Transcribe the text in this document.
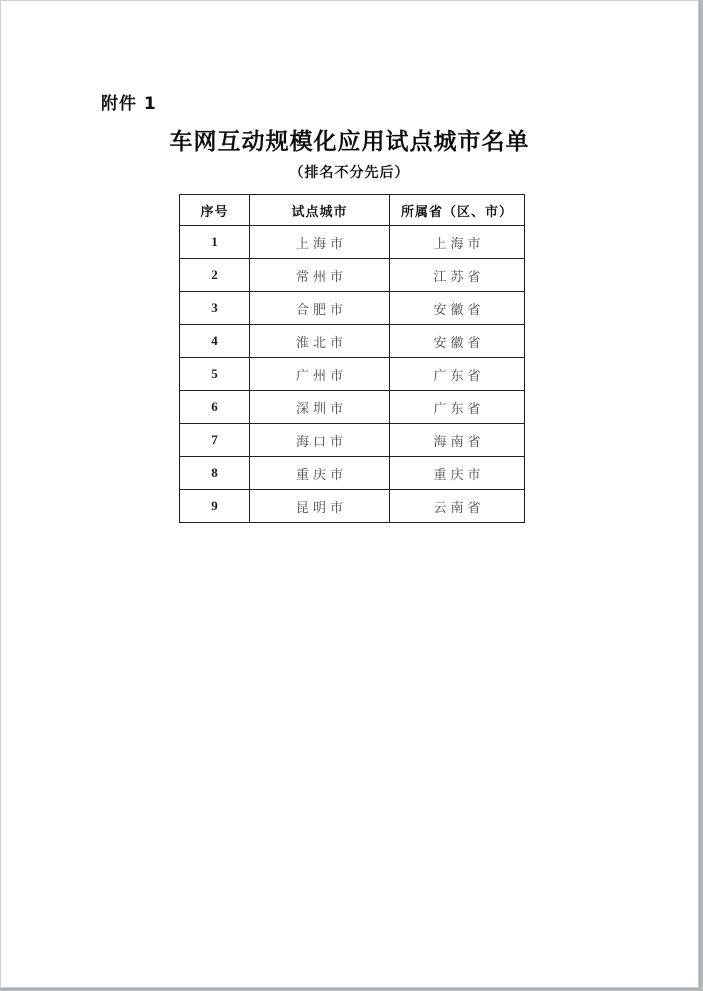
附件 1
车网互动规模化应用试点城市名单
（排名不分先后）
序号	试点城市	所属省（区、市）
1	上海市	上海市
2	常州市	江苏省
3	合肥市	安徽省
4	淮北市	安徽省
5	广州市	广东省
6	深圳市	广东省
7	海口市	海南省
8	重庆市	重庆市
9	昆明市	云南省
